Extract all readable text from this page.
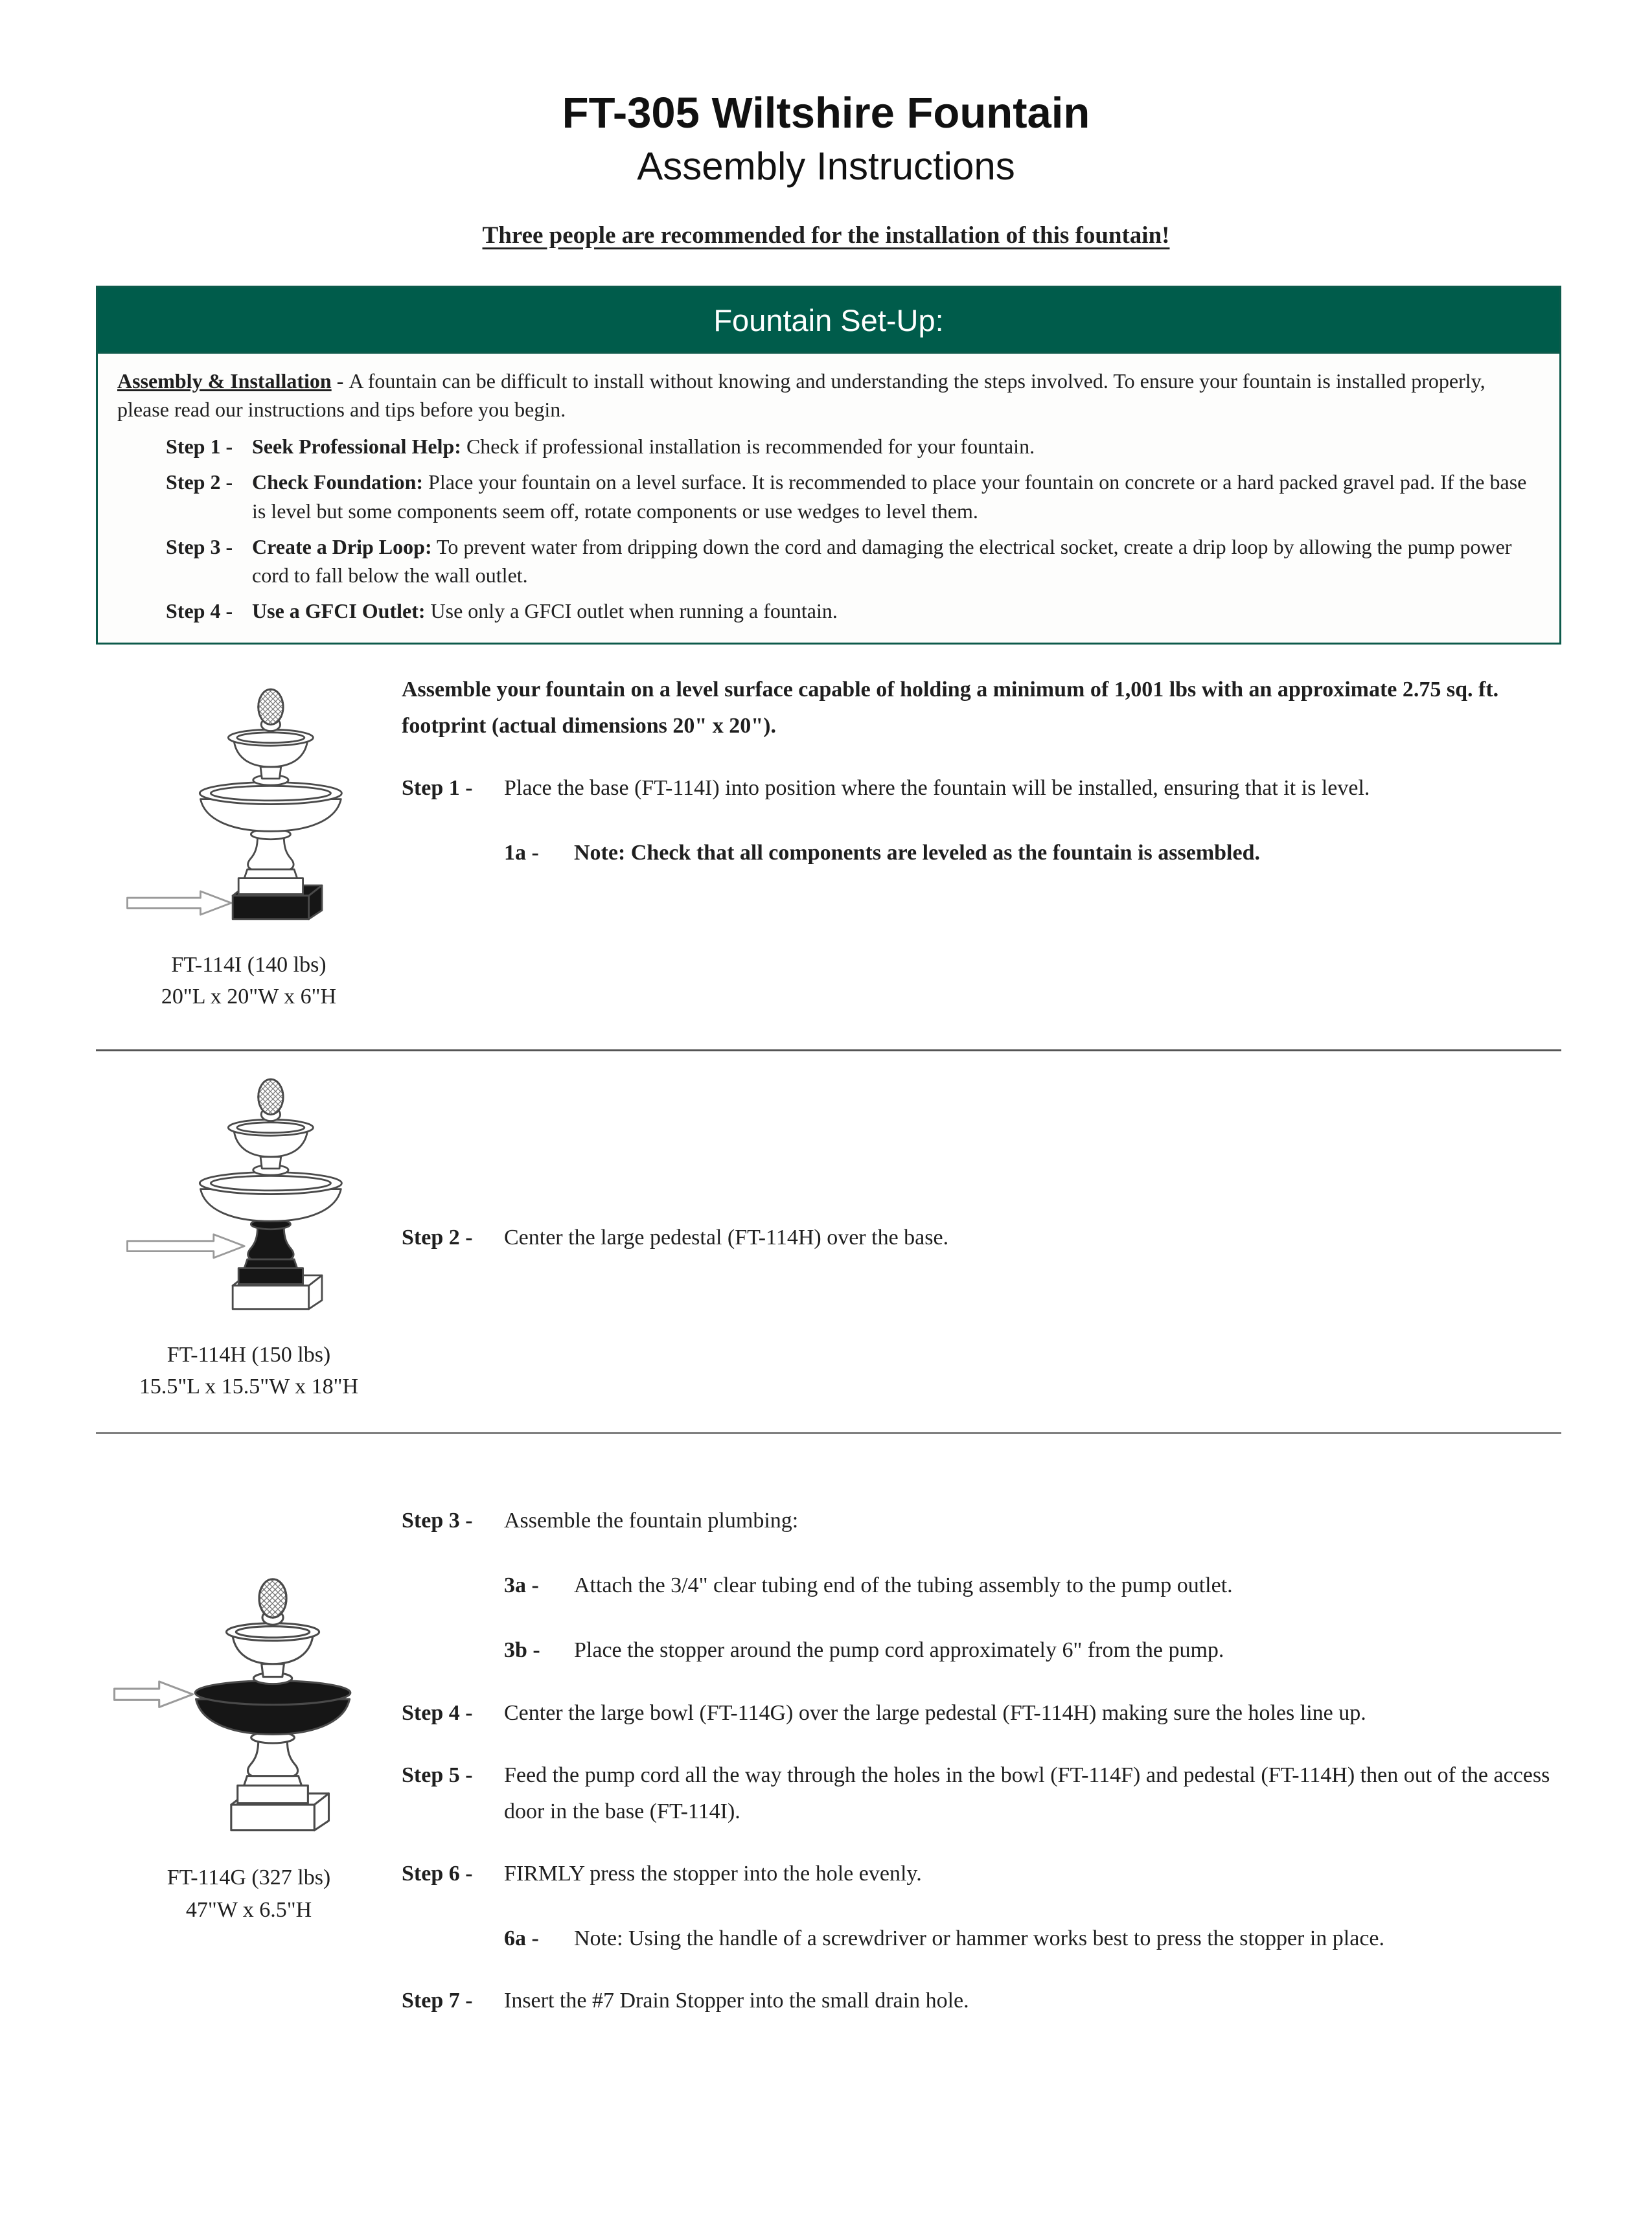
FT-305 Wiltshire Fountain
Assembly Instructions
Three people are recommended for the installation of this fountain!
Fountain Set-Up:

Assembly & Installation - A fountain can be difficult to install without knowing and understanding the steps involved. To ensure your fountain is installed properly, please read our instructions and tips before you begin.

Step 1 - Seek Professional Help: Check if professional installation is recommended for your fountain.

Step 2 - Check Foundation: Place your fountain on a level surface. It is recommended to place your fountain on concrete or a hard packed gravel pad. If the base is level but some components seem off, rotate components or use wedges to level them.

Step 3 - Create a Drip Loop: To prevent water from dripping down the cord and damaging the electrical socket, create a drip loop by allowing the pump power cord to fall below the wall outlet.

Step 4 - Use a GFCI Outlet: Use only a GFCI outlet when running a fountain.

FT-114I (140 lbs)
20"L x 20"W x 6"H

Assemble your fountain on a level surface capable of holding a minimum of 1,001 lbs with an approximate 2.75 sq. ft. footprint (actual dimensions 20" x 20").

Step 1 - Place the base (FT-114I) into position where the fountain will be installed, ensuring that it is level.

1a - Note: Check that all components are leveled as the fountain is assembled.

FT-114H (150 lbs)
15.5"L x 15.5"W x 18"H

Step 2 - Center the large pedestal (FT-114H) over the base.

FT-114G (327 lbs)
47"W x 6.5"H

Step 3 - Assemble the fountain plumbing:

3a - Attach the 3/4" clear tubing end of the tubing assembly to the pump outlet.

3b - Place the stopper around the pump cord approximately 6" from the pump.

Step 4 - Center the large bowl (FT-114G) over the large pedestal (FT-114H) making sure the holes line up.

Step 5 - Feed the pump cord all the way through the holes in the bowl (FT-114F) and pedestal (FT-114H) then out of the access door in the base (FT-114I).

Step 6 - FIRMLY press the stopper into the hole evenly.

6a - Note: Using the handle of a screwdriver or hammer works best to press the stopper in place.

Step 7 - Insert the #7 Drain Stopper into the small drain hole.
